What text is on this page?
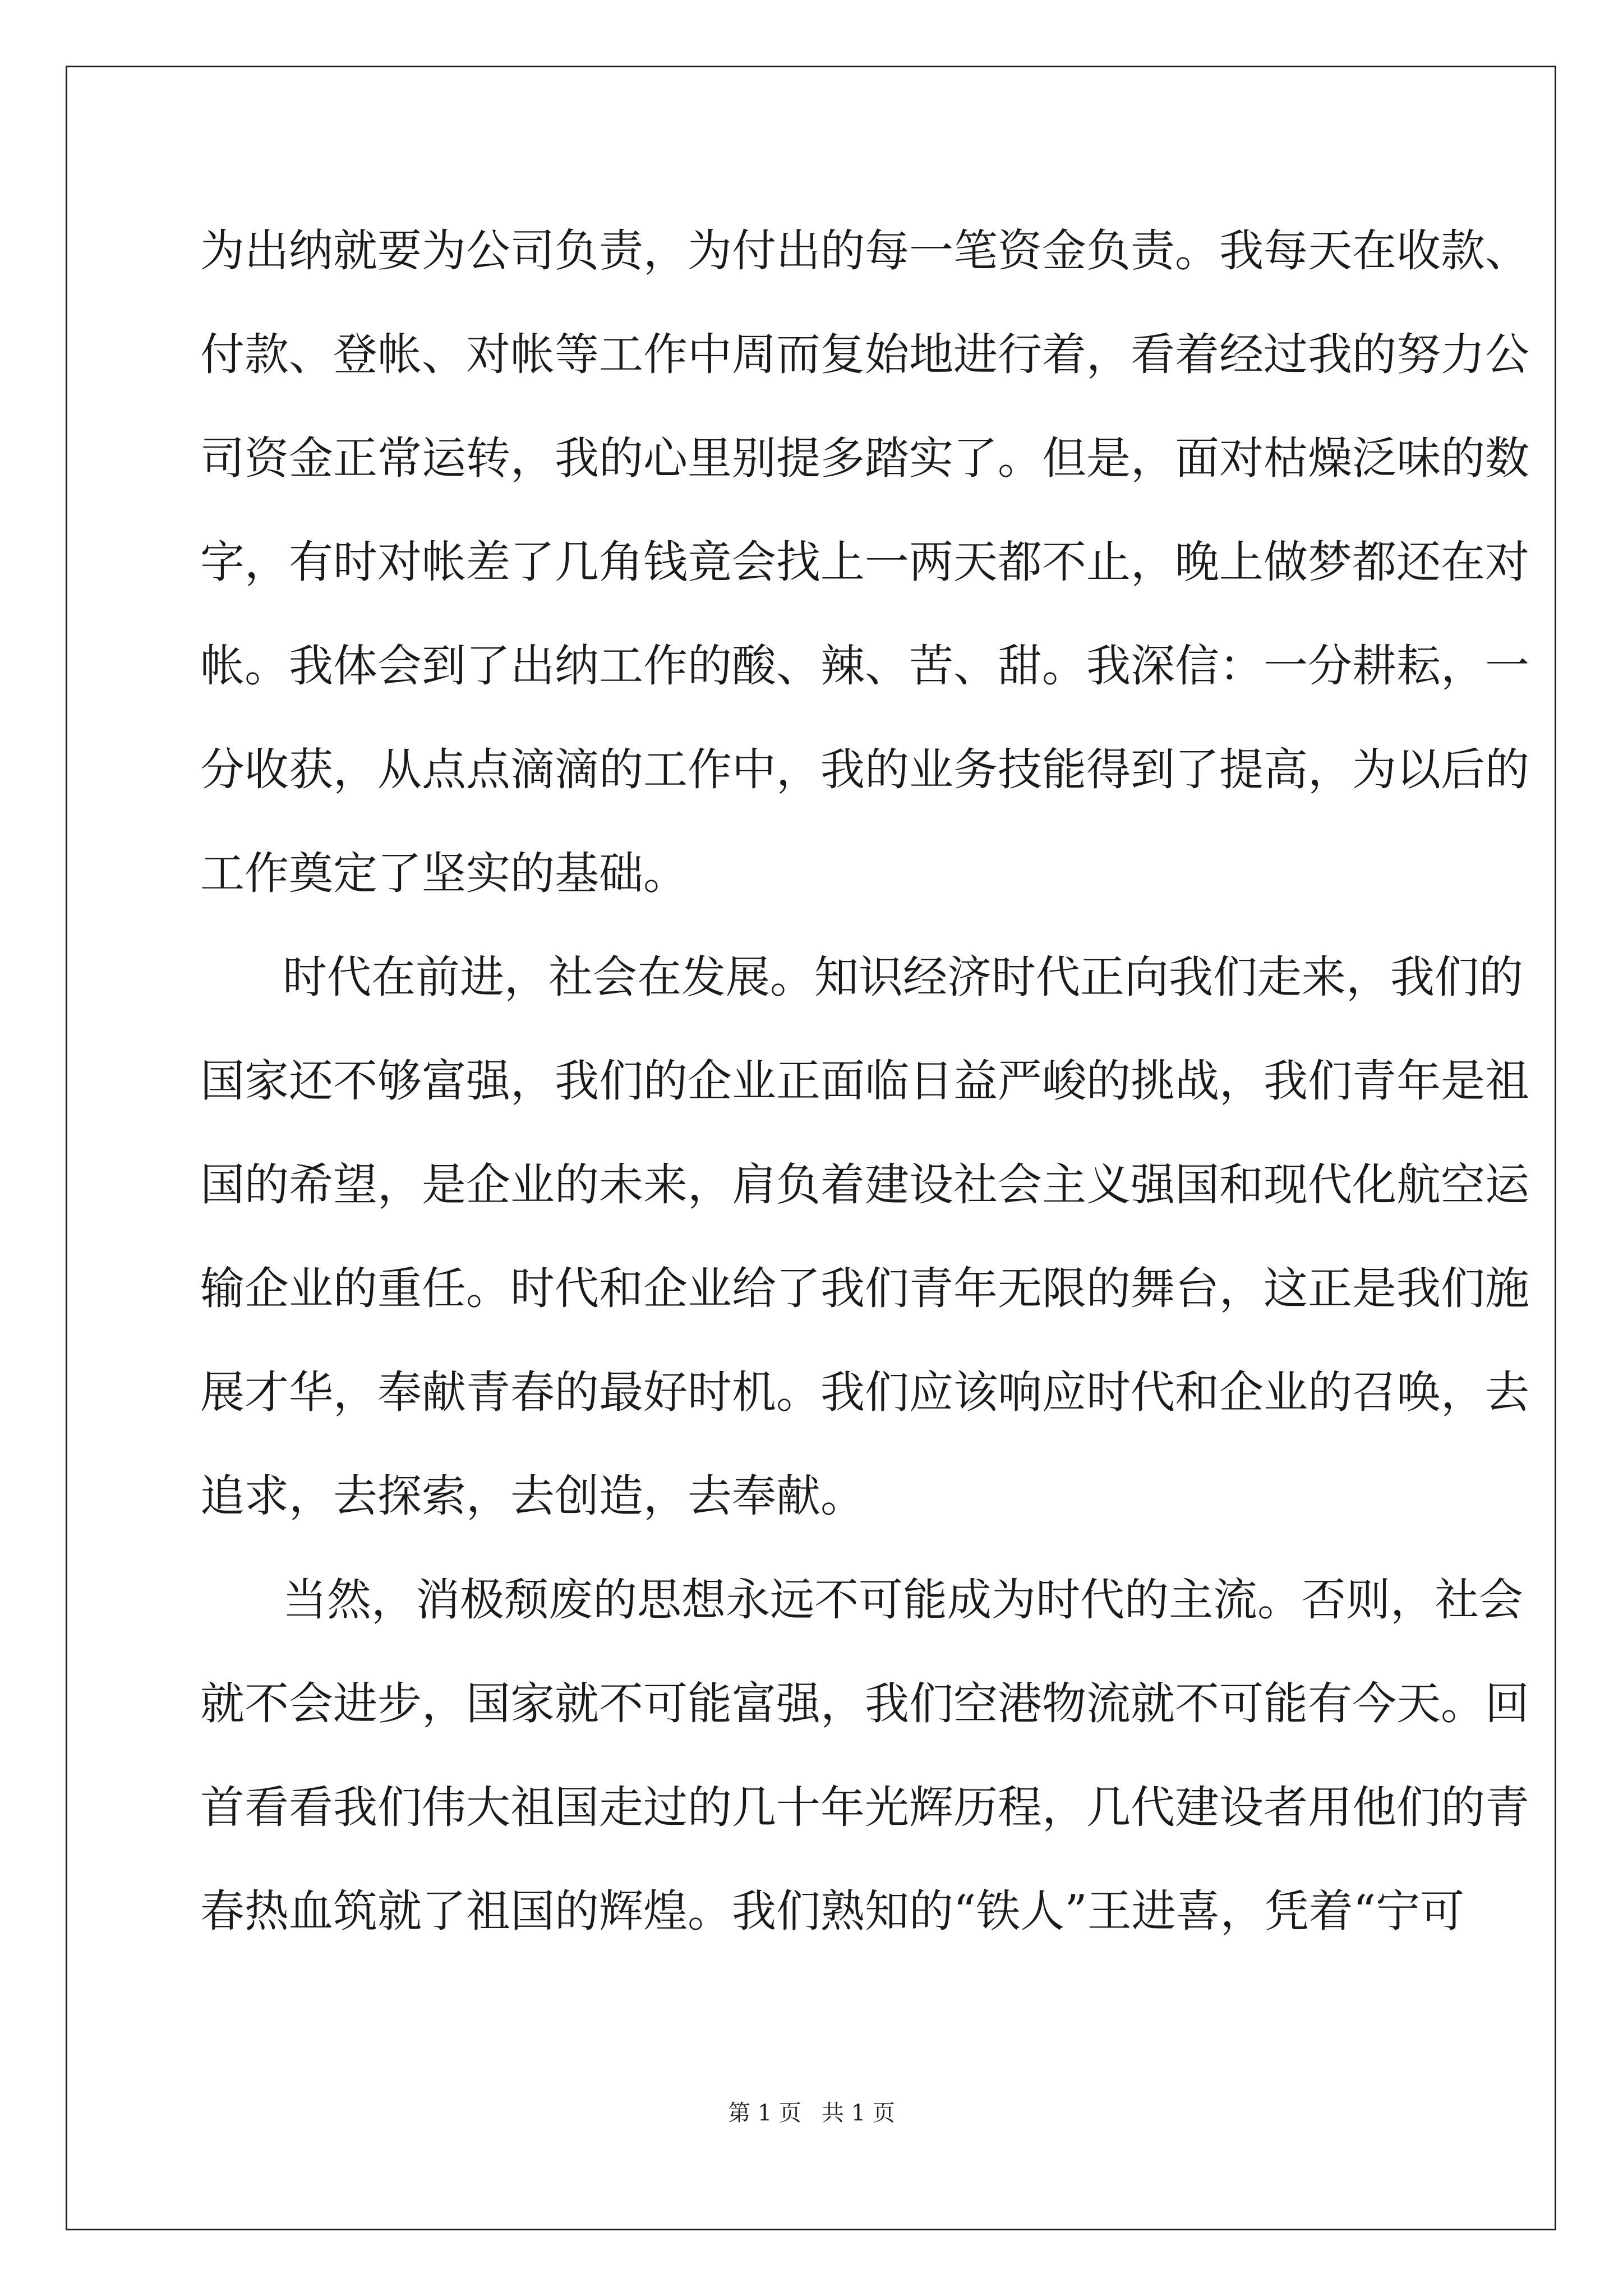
为出纳就要为公司负责，为付出的每一笔资金负责。我每天在收款、
付款、登帐、对帐等工作中周而复始地进行着，看着经过我的努力公
司资金正常运转，我的心里别提多踏实了。但是，面对枯燥泛味的数
字，有时对帐差了几角钱竟会找上一两天都不止，晚上做梦都还在对
帐。我体会到了出纳工作的酸、辣、苦、甜。我深信：一分耕耘，一
分收获，从点点滴滴的工作中，我的业务技能得到了提高，为以后的
工作奠定了坚实的基础。
时代在前进，社会在发展。知识经济时代正向我们走来，我们的
国家还不够富强，我们的企业正面临日益严峻的挑战，我们青年是祖
国的希望，是企业的未来，肩负着建设社会主义强国和现代化航空运
输企业的重任。时代和企业给了我们青年无限的舞台，这正是我们施
展才华，奉献青春的最好时机。我们应该响应时代和企业的召唤，去
追求，去探索，去创造，去奉献。
当然，消极颓废的思想永远不可能成为时代的主流。否则，社会
就不会进步，国家就不可能富强，我们空港物流就不可能有今天。回
首看看我们伟大祖国走过的几十年光辉历程，几代建设者用他们的青
春热血筑就了祖国的辉煌。我们熟知的“铁人”王进喜，凭着“宁可
第 1 页 共 1 页
